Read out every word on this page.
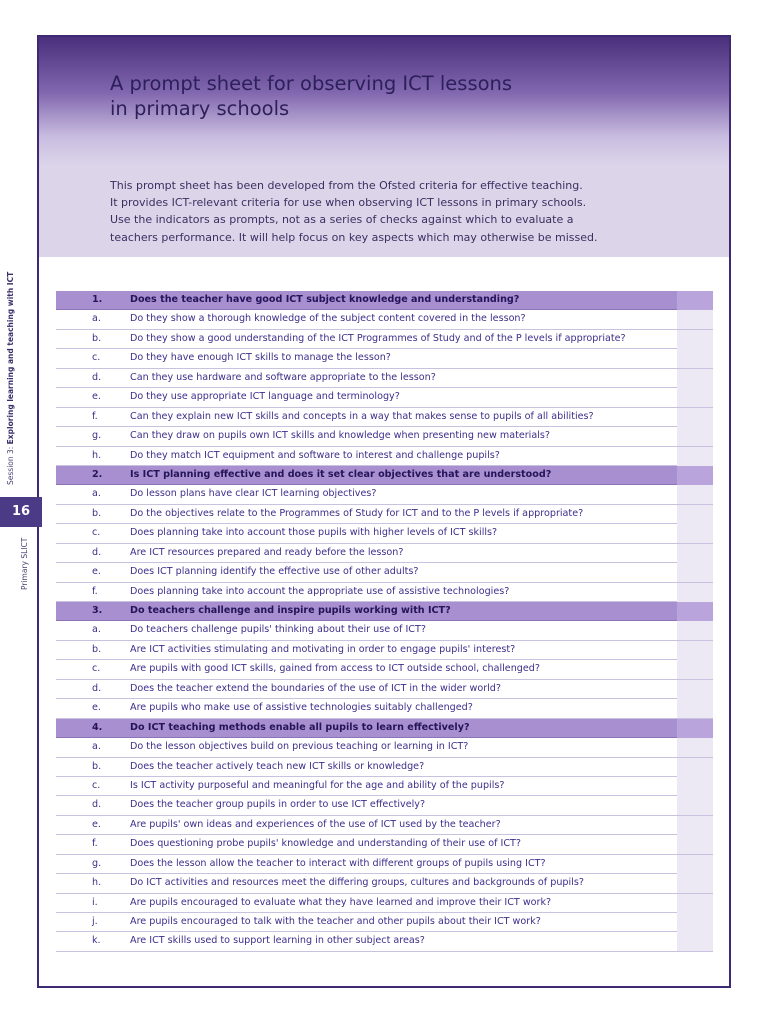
A prompt sheet for observing ICT lessons
in primary schools
This prompt sheet has been developed from the Ofsted criteria for effective teaching.
It provides ICT-relevant criteria for use when observing ICT lessons in primary schools.
Use the indicators as prompts, not as a series of checks against which to evaluate a
teachers performance. It will help focus on key aspects which may otherwise be missed.
1.	Does the teacher have good ICT subject knowledge and understanding?
a.	Do they show a thorough knowledge of the subject content covered in the lesson?
b.	Do they show a good understanding of the ICT Programmes of Study and of the P levels if appropriate?
c.	Do they have enough ICT skills to manage the lesson?
d.	Can they use hardware and software appropriate to the lesson?
e.	Do they use appropriate ICT language and terminology?
f.	Can they explain new ICT skills and concepts in a way that makes sense to pupils of all abilities?
g.	Can they draw on pupils own ICT skills and knowledge when presenting new materials?
h.	Do they match ICT equipment and software to interest and challenge pupils?
2.	Is ICT planning effective and does it set clear objectives that are understood?
a.	Do lesson plans have clear ICT learning objectives?
b.	Do the objectives relate to the Programmes of Study for ICT and to the P levels if appropriate?
c.	Does planning take into account those pupils with higher levels of ICT skills?
d.	Are ICT resources prepared and ready before the lesson?
e.	Does ICT planning identify the effective use of other adults?
f.	Does planning take into account the appropriate use of assistive technologies?
3.	Do teachers challenge and inspire pupils working with ICT?
a.	Do teachers challenge pupils' thinking about their use of ICT?
b.	Are ICT activities stimulating and motivating in order to engage pupils' interest?
c.	Are pupils with good ICT skills, gained from access to ICT outside school, challenged?
d.	Does the teacher extend the boundaries of the use of ICT in the wider world?
e.	Are pupils who make use of assistive technologies suitably challenged?
4.	Do ICT teaching methods enable all pupils to learn effectively?
a.	Do the lesson objectives build on previous teaching or learning in ICT?
b.	Does the teacher actively teach new ICT skills or knowledge?
c.	Is ICT activity purposeful and meaningful for the age and ability of the pupils?
d.	Does the teacher group pupils in order to use ICT effectively?
e.	Are pupils' own ideas and experiences of the use of ICT used by the teacher?
f.	Does questioning probe pupils' knowledge and understanding of their use of ICT?
g.	Does the lesson allow the teacher to interact with different groups of pupils using ICT?
h.	Do ICT activities and resources meet the differing groups, cultures and backgrounds of pupils?
i.	Are pupils encouraged to evaluate what they have learned and improve their ICT work?
j.	Are pupils encouraged to talk with the teacher and other pupils about their ICT work?
k.	Are ICT skills used to support learning in other subject areas?
Session 3: Exploring learning and teaching with ICT
16
Primary SLICT
